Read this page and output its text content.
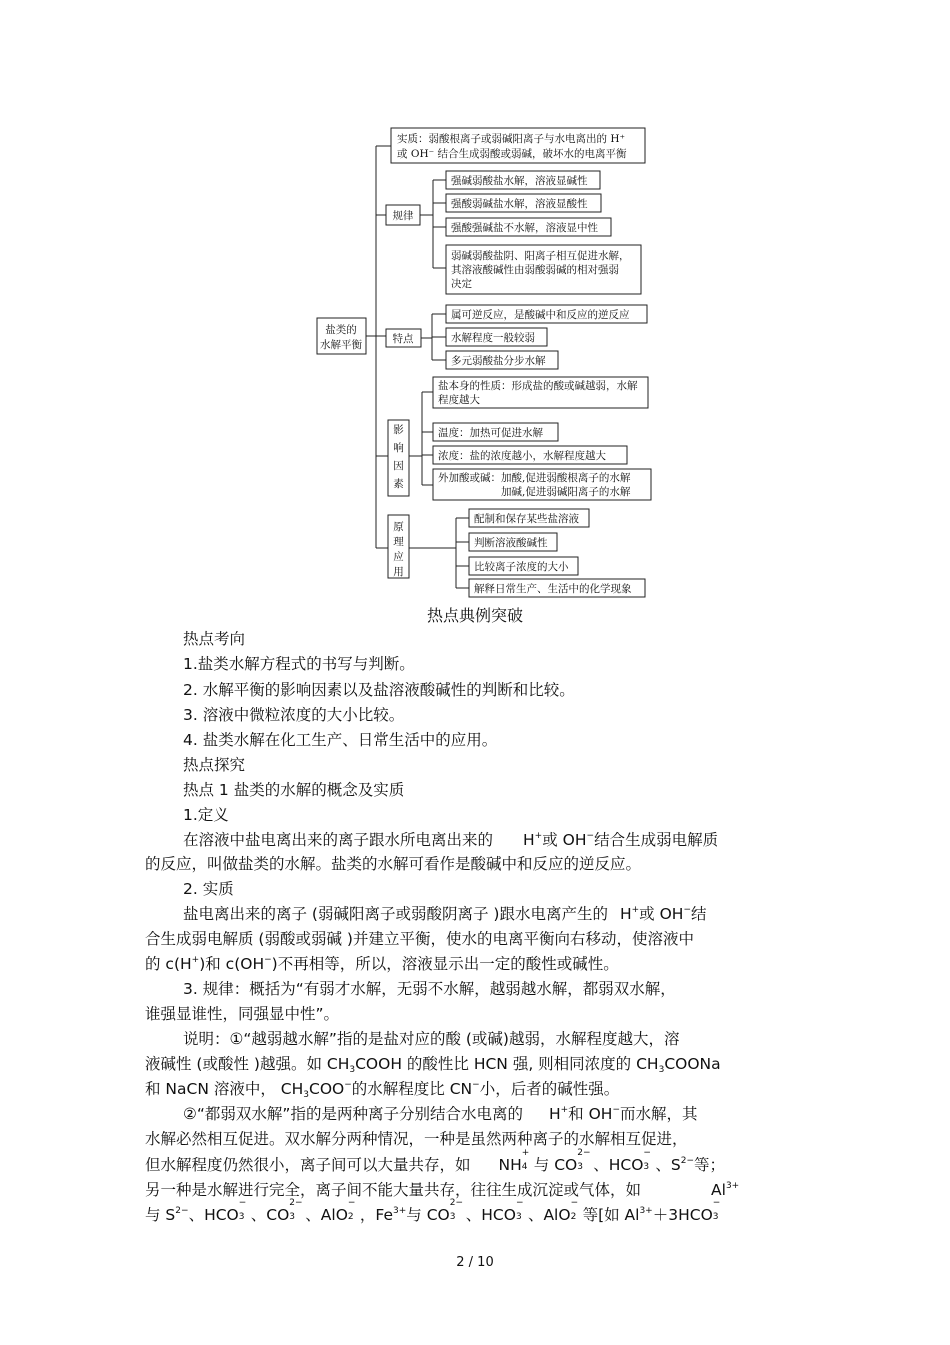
盐类的
水解平衡
实质：弱酸根离子或弱碱阳离子与水电离出的 H⁺
或 OH⁻ 结合生成弱酸或弱碱，破坏水的电离平衡
规律
强碱弱酸盐水解，溶液显碱性
强酸弱碱盐水解，溶液显酸性
强酸强碱盐不水解，溶液显中性
弱碱弱酸盐阴、阳离子相互促进水解，
其溶液酸碱性由弱酸弱碱的相对强弱
决定
特点
属可逆反应，是酸碱中和反应的逆反应
水解程度一般较弱
多元弱酸盐分步水解
影
响
因
素
盐本身的性质：形成盐的酸或碱越弱，水解
程度越大
温度：加热可促进水解
浓度：盐的浓度越小，水解程度越大
外加酸或碱：加酸,促进弱酸根离子的水解
　　　　　　加碱,促进弱碱阳离子的水解
原
理
应
用
配制和保存某些盐溶液
判断溶液酸碱性
比较离子浓度的大小
解释日常生产、生活中的化学现象
热点典例突破
热点考向
1.盐类水解方程式的书写与判断。
2. 水解平衡的影响因素以及盐溶液酸碱性的判断和比较。
3. 溶液中微粒浓度的大小比较。
4. 盐类水解在化工生产、日常生活中的应用。
热点探究
热点 1 盐类的水解的概念及实质
1.定义
在溶液中盐电离出来的离子跟水所电离出来的 H+或 OH−结合生成弱电解质
的反应，叫做盐类的水解。盐类的水解可看作是酸碱中和反应的逆反应。
2. 实质
盐电离出来的离子 (弱碱阳离子或弱酸阴离子 )跟水电离产生的 H+或 OH−结
合生成弱电解质 (弱酸或弱碱 )并建立平衡，使水的电离平衡向右移动，使溶液中
的 c(H+)和 c(OH−)不再相等，所以，溶液显示出一定的酸性或碱性。
3. 规律：概括为“有弱才水解，无弱不水解，越弱越水解，都弱双水解，
谁强显谁性，同强显中性”。
说明：①“越弱越水解”指的是盐对应的酸 (或碱)越弱，水解程度越大，溶
液碱性 (或酸性 )越强。如 $CH_3COOH$ 的酸性比 HCN 强, 则相同浓度的 $CH_3COONa$
和 NaCN 溶液中， $CH_3COO^-$的水解程度比 CN−小，后者的碱性强。
②“都弱双水解”指的是两种离子分别结合水电离的 H+和 OH−而水解，其
水解必然相互促进。双水解分两种情况，一种是虽然两种离子的水解相互促进，
但水解程度仍然很小，离子间可以大量共存，如 NH
+
4 与 CO
2−
3 、HCO
−
3 、$S^{2-}$等；
另一种是水解进行完全，离子间不能大量共存，往往生成沉淀或气体，如	$Al^{3+}$
与 $S^{2-}$、HCO
−
3 、CO
2−
3 、AlO
−
2 ，$Fe^{3+}$与 CO
2−
3 、HCO
−
3 、AlO
−
2 等[如 $Al^{3+}+3HCO$
−
3
2 / 10
